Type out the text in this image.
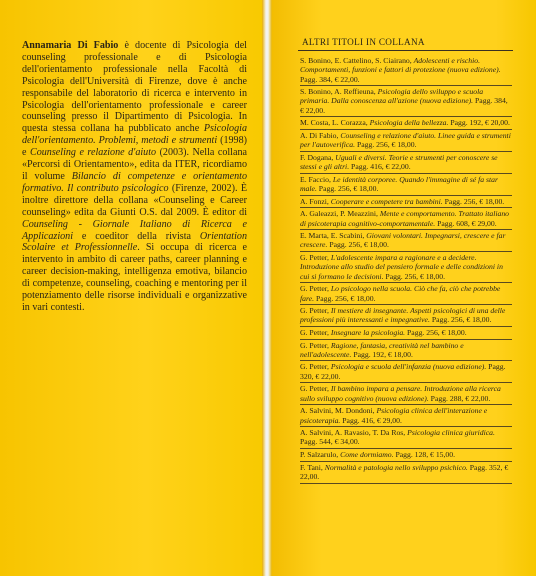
Annamaria Di Fabio è docente di Psicologia del counseling professionale e di Psicologia dell'orientamento professionale nella Facoltà di Psicologia dell'Università di Firenze, dove è anche responsabile del laboratorio di ricerca e intervento in Psicologia dell'orientamento professionale e career counseling presso il Dipartimento di Psicologia. In questa stessa collana ha pubblicato anche Psicologia dell'orientamento. Problemi, metodi e strumenti (1998) e Counseling e relazione d'aiuto (2003). Nella collana «Percorsi di Orientamento», edita da ITER, ricordiamo il volume Bilancio di competenze e orientamento formativo. Il contributo psicologico (Firenze, 2002). È inoltre direttore della collana «Counseling e Career counseling» edita da Giunti O.S. dal 2009. È editor di Counseling - Giornale Italiano di Ricerca e Applicazioni e coeditor della rivista Orientation Scolaire et Professionnelle. Si occupa di ricerca e intervento in ambito di career paths, career planning e career decision-making, intelligenza emotiva, bilancio di competenze, counseling, coaching e mentoring per il potenziamento delle risorse individuali e organizzative in vari contesti.
ALTRI TITOLI IN COLLANA
S. Bonino, E. Cattelino, S. Ciairano, Adolescenti e rischio. Comportamenti, funzioni e fattori di protezione (nuova edizione). Pagg. 384, € 22,00.
S. Bonino, A. Reffieuna, Psicologia dello sviluppo e scuola primaria. Dalla conoscenza all'azione (nuova edizione). Pagg. 384, € 22,00.
M. Costa, L. Corazza, Psicologia della bellezza. Pagg. 192, € 20,00.
A. Di Fabio, Counseling e relazione d'aiuto. Linee guida e strumenti per l'autoverifica. Pagg. 256, € 18,00.
F. Dogana, Uguali e diversi. Teorie e strumenti per conoscere se stessi e gli altri. Pagg. 416, € 22,00.
E. Faccio, Le identità corporee. Quando l'immagine di sé fa star male. Pagg. 256, € 18,00.
A. Fonzi, Cooperare e competere tra bambini. Pagg. 256, € 18,00.
A. Galeazzi, P. Meazzini, Mente e comportamento. Trattato italiano di psicoterapia cognitivo-comportamentale. Pagg. 608, € 29,00.
E. Marta, E. Scabini, Giovani volontari. Impegnarsi, crescere e far crescere. Pagg. 256, € 18,00.
G. Petter, L'adolescente impara a ragionare e a decidere. Introduzione allo studio del pensiero formale e delle condizioni in cui si formano le decisioni. Pagg. 256, € 18,00.
G. Petter, Lo psicologo nella scuola. Ciò che fa, ciò che potrebbe fare. Pagg. 256, € 18,00.
G. Petter, Il mestiere di insegnante. Aspetti psicologici di una delle professioni più interessanti e impegnative. Pagg. 256, € 18,00.
G. Petter, Insegnare la psicologia. Pagg. 256, € 18,00.
G. Petter, Ragione, fantasia, creatività nel bambino e nell'adolescente. Pagg. 192, € 18,00.
G. Petter, Psicologia e scuola dell'infanzia (nuova edizione). Pagg. 320, € 22,00.
G. Petter, Il bambino impara a pensare. Introduzione alla ricerca sullo sviluppo cognitivo (nuova edizione). Pagg. 288, € 22,00.
A. Salvini, M. Dondoni, Psicologia clinica dell'interazione e psicoterapia. Pagg. 416, € 29,00.
A. Salvini, A. Ravasio, T. Da Ros, Psicologia clinica giuridica. Pagg. 544, € 34,00.
P. Salzarulo, Come dormiamo. Pagg. 128, € 15,00.
F. Tani, Normalità e patologia nello sviluppo psichico. Pagg. 352, € 22,00.
